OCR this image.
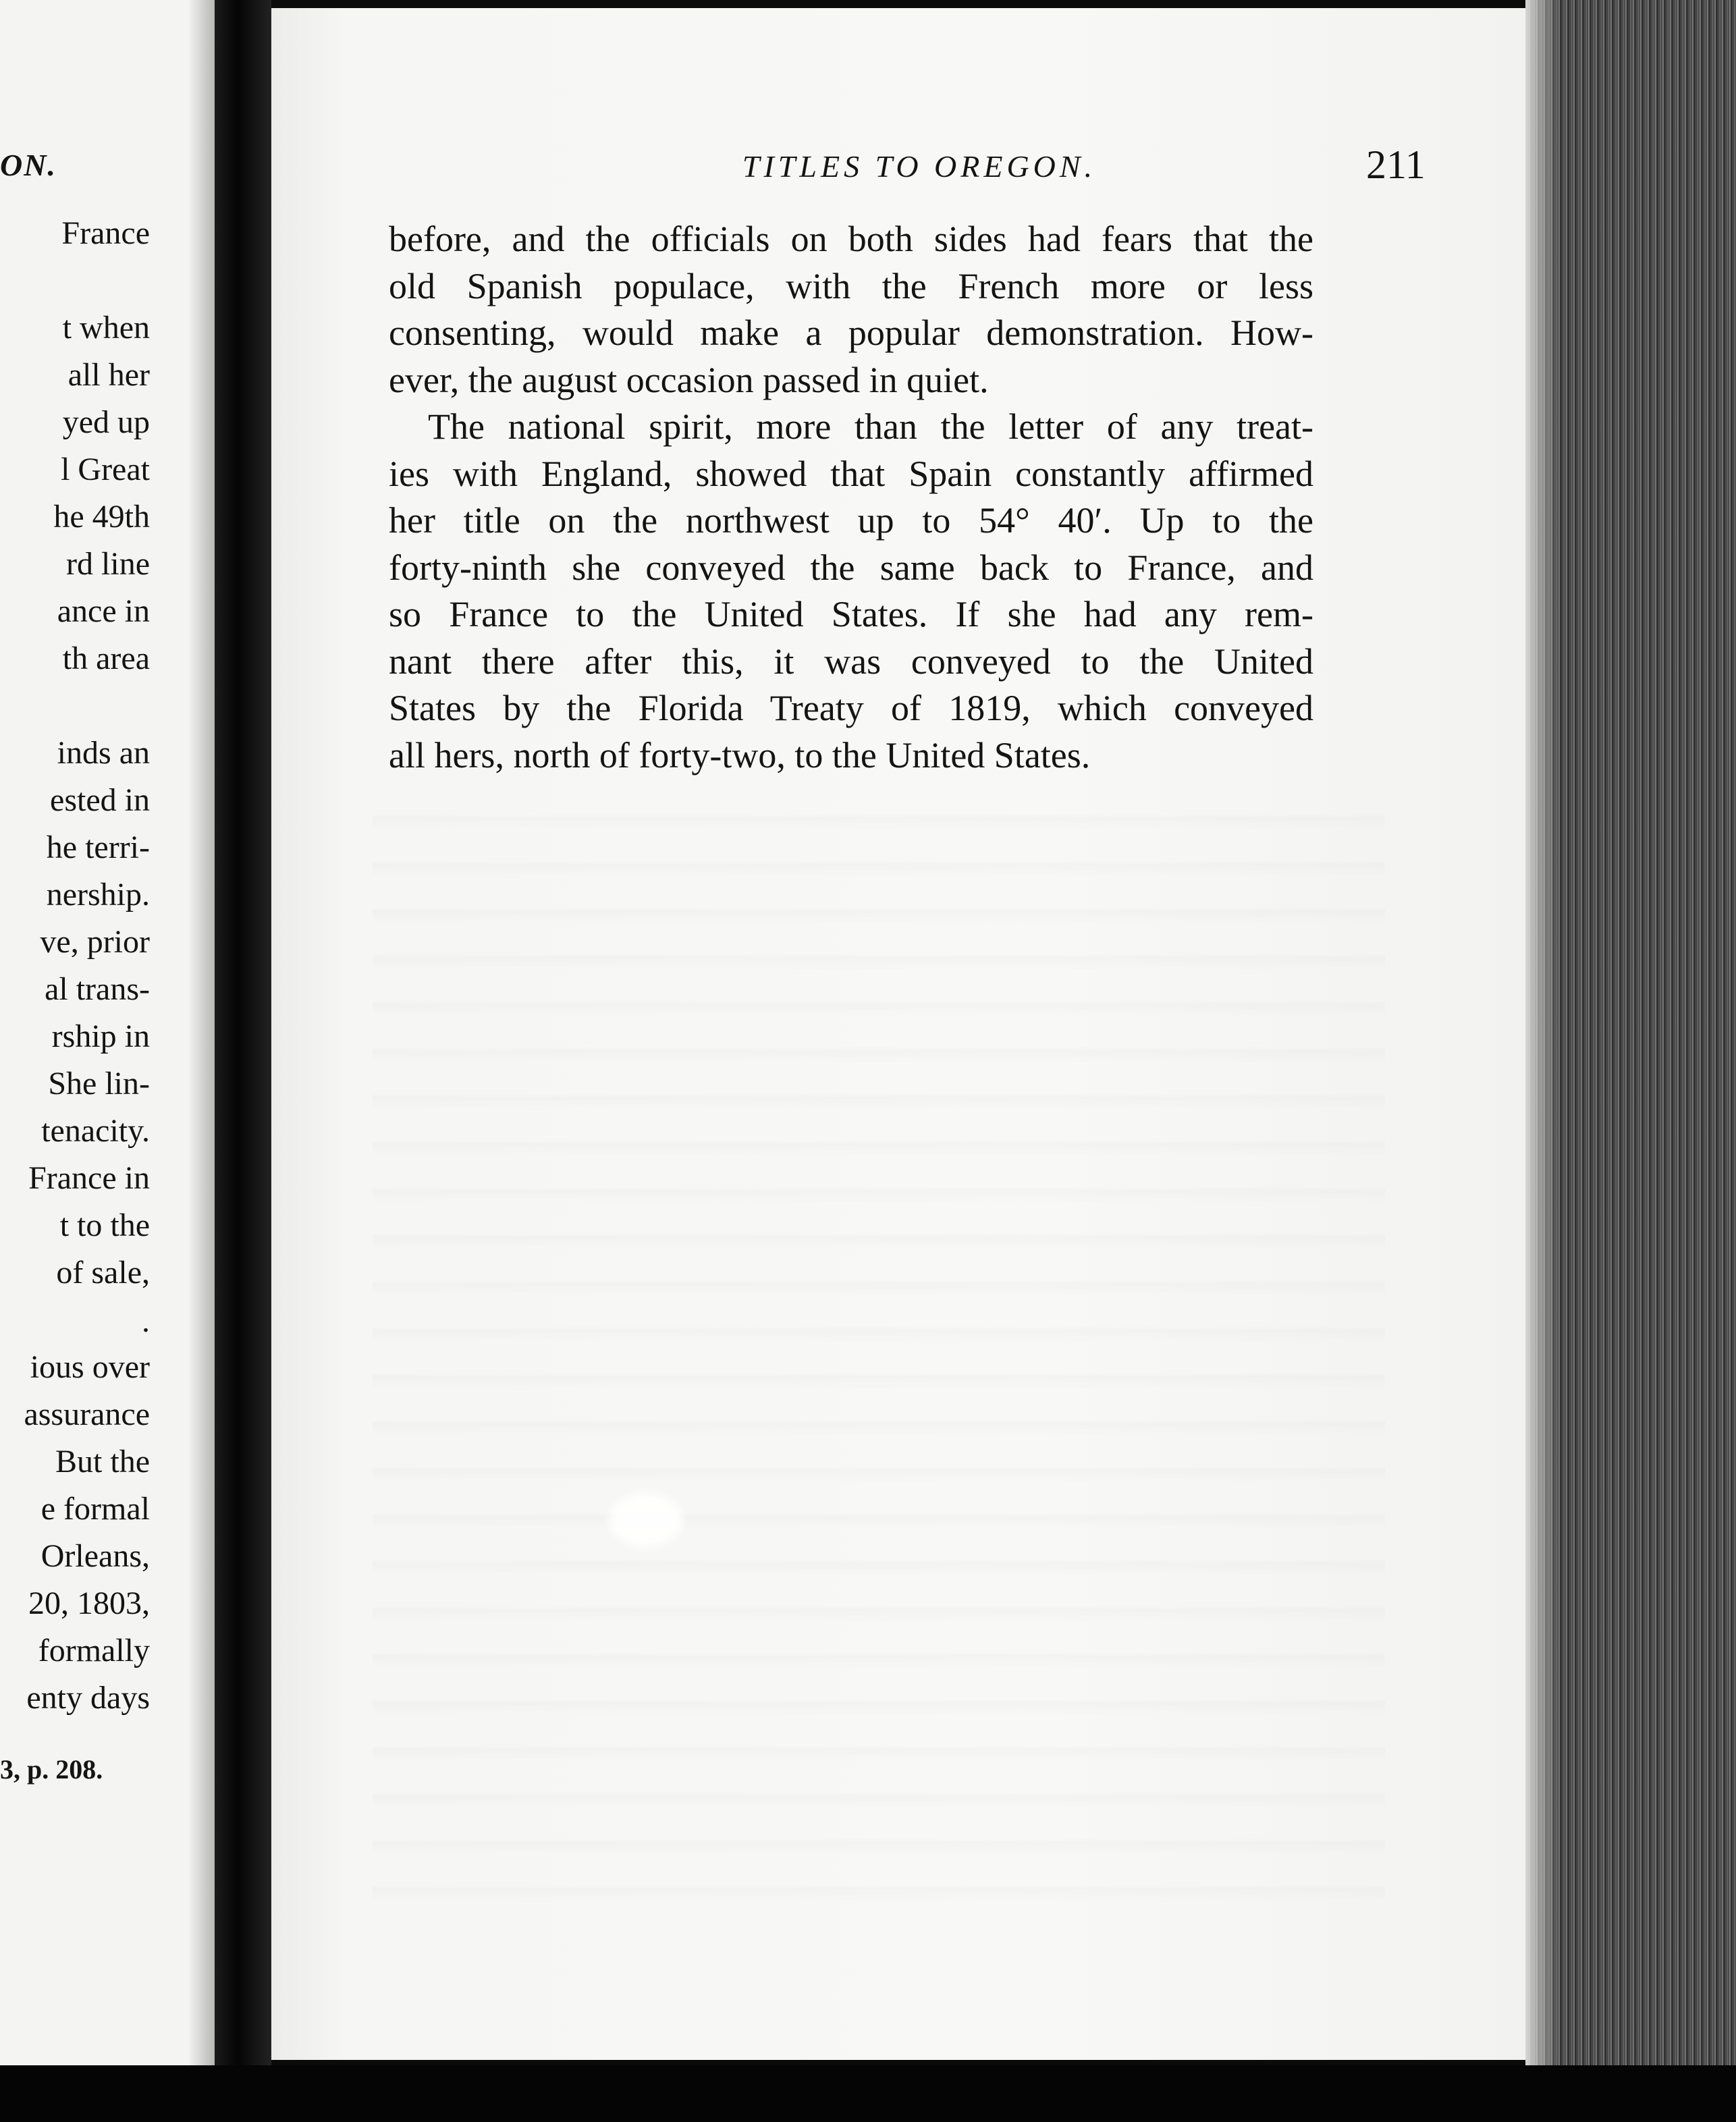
ON.
France
t when
all her
yed up
l Great
he 49th
rd line
ance in
th area
inds an
ested in
he terri-
nership.
ve, prior
al trans-
rship in
She lin-
tenacity.
France in
t to the
of sale,
.
ious over
assurance
But the
e formal
Orleans,
20, 1803,
formally
enty days
3, p. 208.
TITLES TO OREGON.	211
before, and the officials on both sides had fears that the
old Spanish populace, with the French more or less
consenting, would make a popular demonstration. How-
ever, the august occasion passed in quiet.
The national spirit, more than the letter of any treat-
ies with England, showed that Spain constantly affirmed
her title on the northwest up to 54° 40′. Up to the
forty-ninth she conveyed the same back to France, and
so France to the United States. If she had any rem-
nant there after this, it was conveyed to the United
States by the Florida Treaty of 1819, which conveyed
all hers, north of forty-two, to the United States.
